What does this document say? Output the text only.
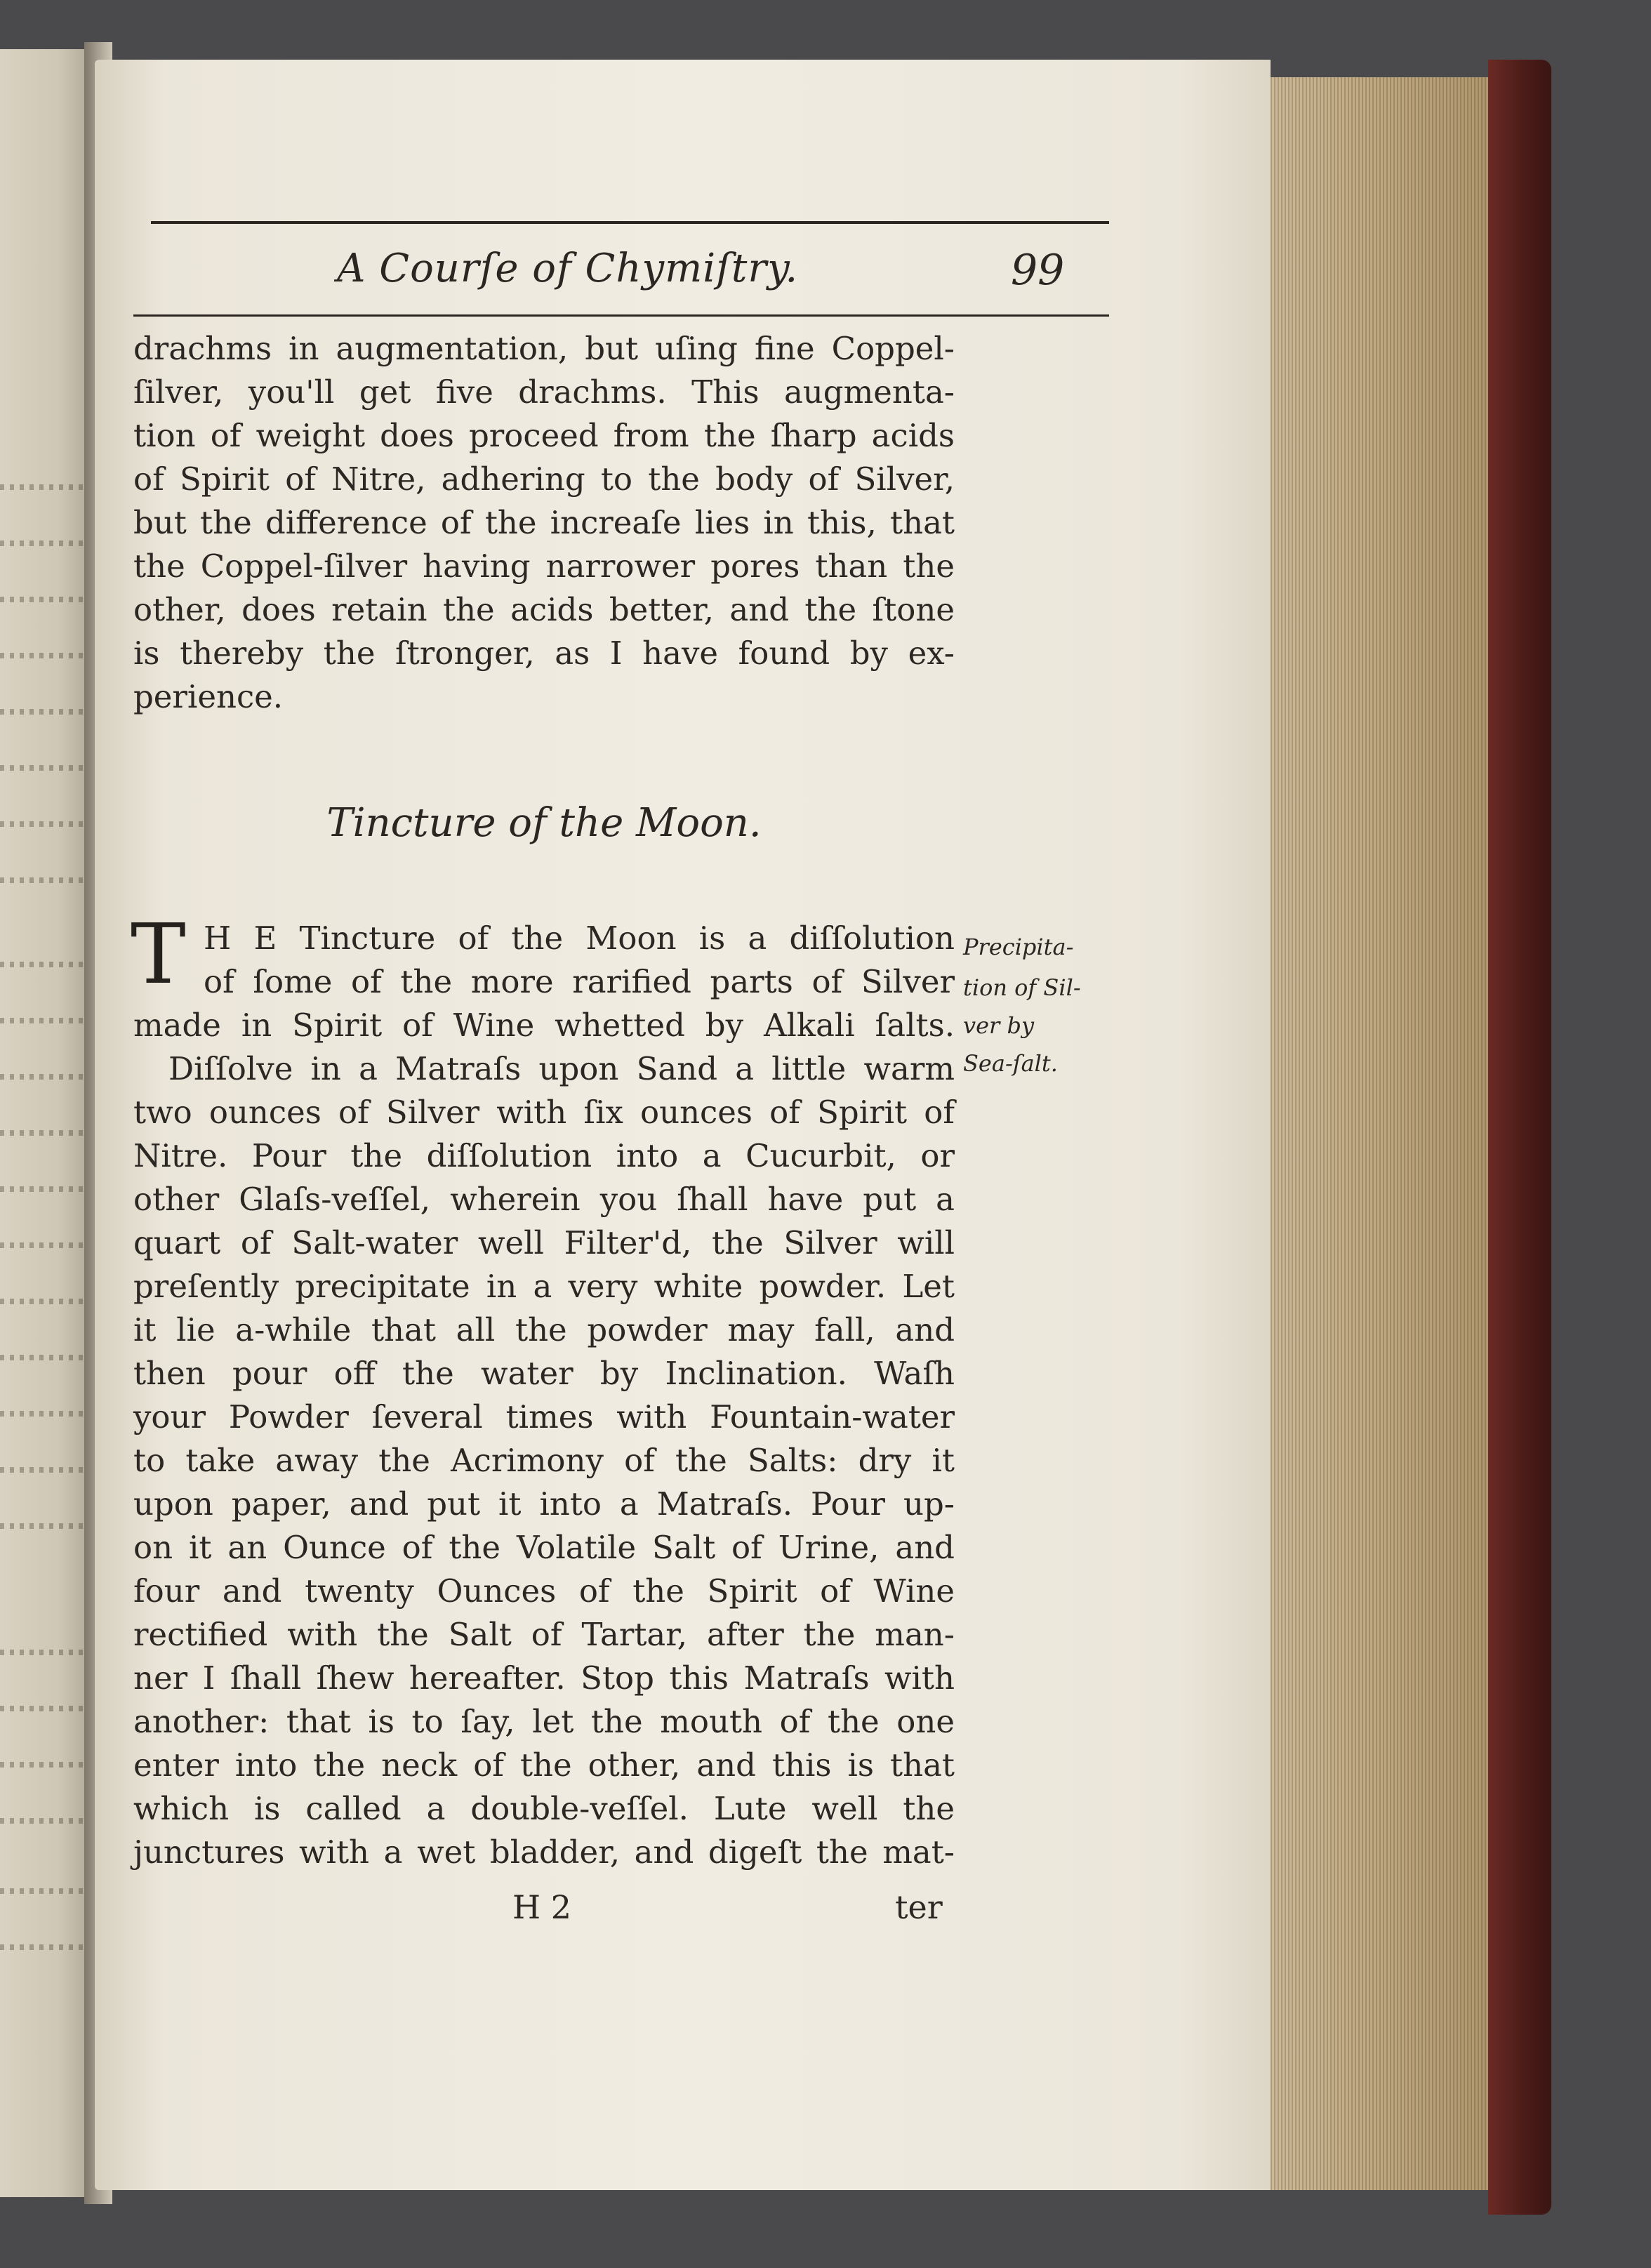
A Courſe of Chymiſtry.	99
drachms in augmentation, but uſing fine Coppel-
ſilver, you'll get five drachms. This augmenta-
tion of weight does proceed from the ſharp acids
of Spirit of Nitre, adhering to the body of Silver,
but the difference of the increaſe lies in this, that
the Coppel-ſilver having narrower pores than the
other, does retain the acids better, and the ſtone
is thereby the ſtronger, as I have found by ex-
perience.
Tincture of the Moon.
T H E Tincture of the Moon is a diſſolution
of ſome of the more rarified parts of Silver
made in Spirit of Wine whetted by Alkali ſalts.
Precipita-
tion of Sil-
ver by
Sea-ſalt.
Diſſolve in a Matraſs upon Sand a little warm
two ounces of Silver with ſix ounces of Spirit of
Nitre. Pour the diſſolution into a Cucurbit, or
other Glaſs-veſſel, wherein you ſhall have put a
quart of Salt-water well Filter'd, the Silver will
preſently precipitate in a very white powder. Let
it lie a-while that all the powder may fall, and
then pour off the water by Inclination. Waſh
your Powder ſeveral times with Fountain-water
to take away the Acrimony of the Salts: dry it
upon paper, and put it into a Matraſs. Pour up-
on it an Ounce of the Volatile Salt of Urine, and
four and twenty Ounces of the Spirit of Wine
rectified with the Salt of Tartar, after the man-
ner I ſhall ſhew hereafter. Stop this Matraſs with
another: that is to ſay, let the mouth of the one
enter into the neck of the other, and this is that
which is called a double-veſſel. Lute well the
junctures with a wet bladder, and digeſt the mat-
H 2	ter
